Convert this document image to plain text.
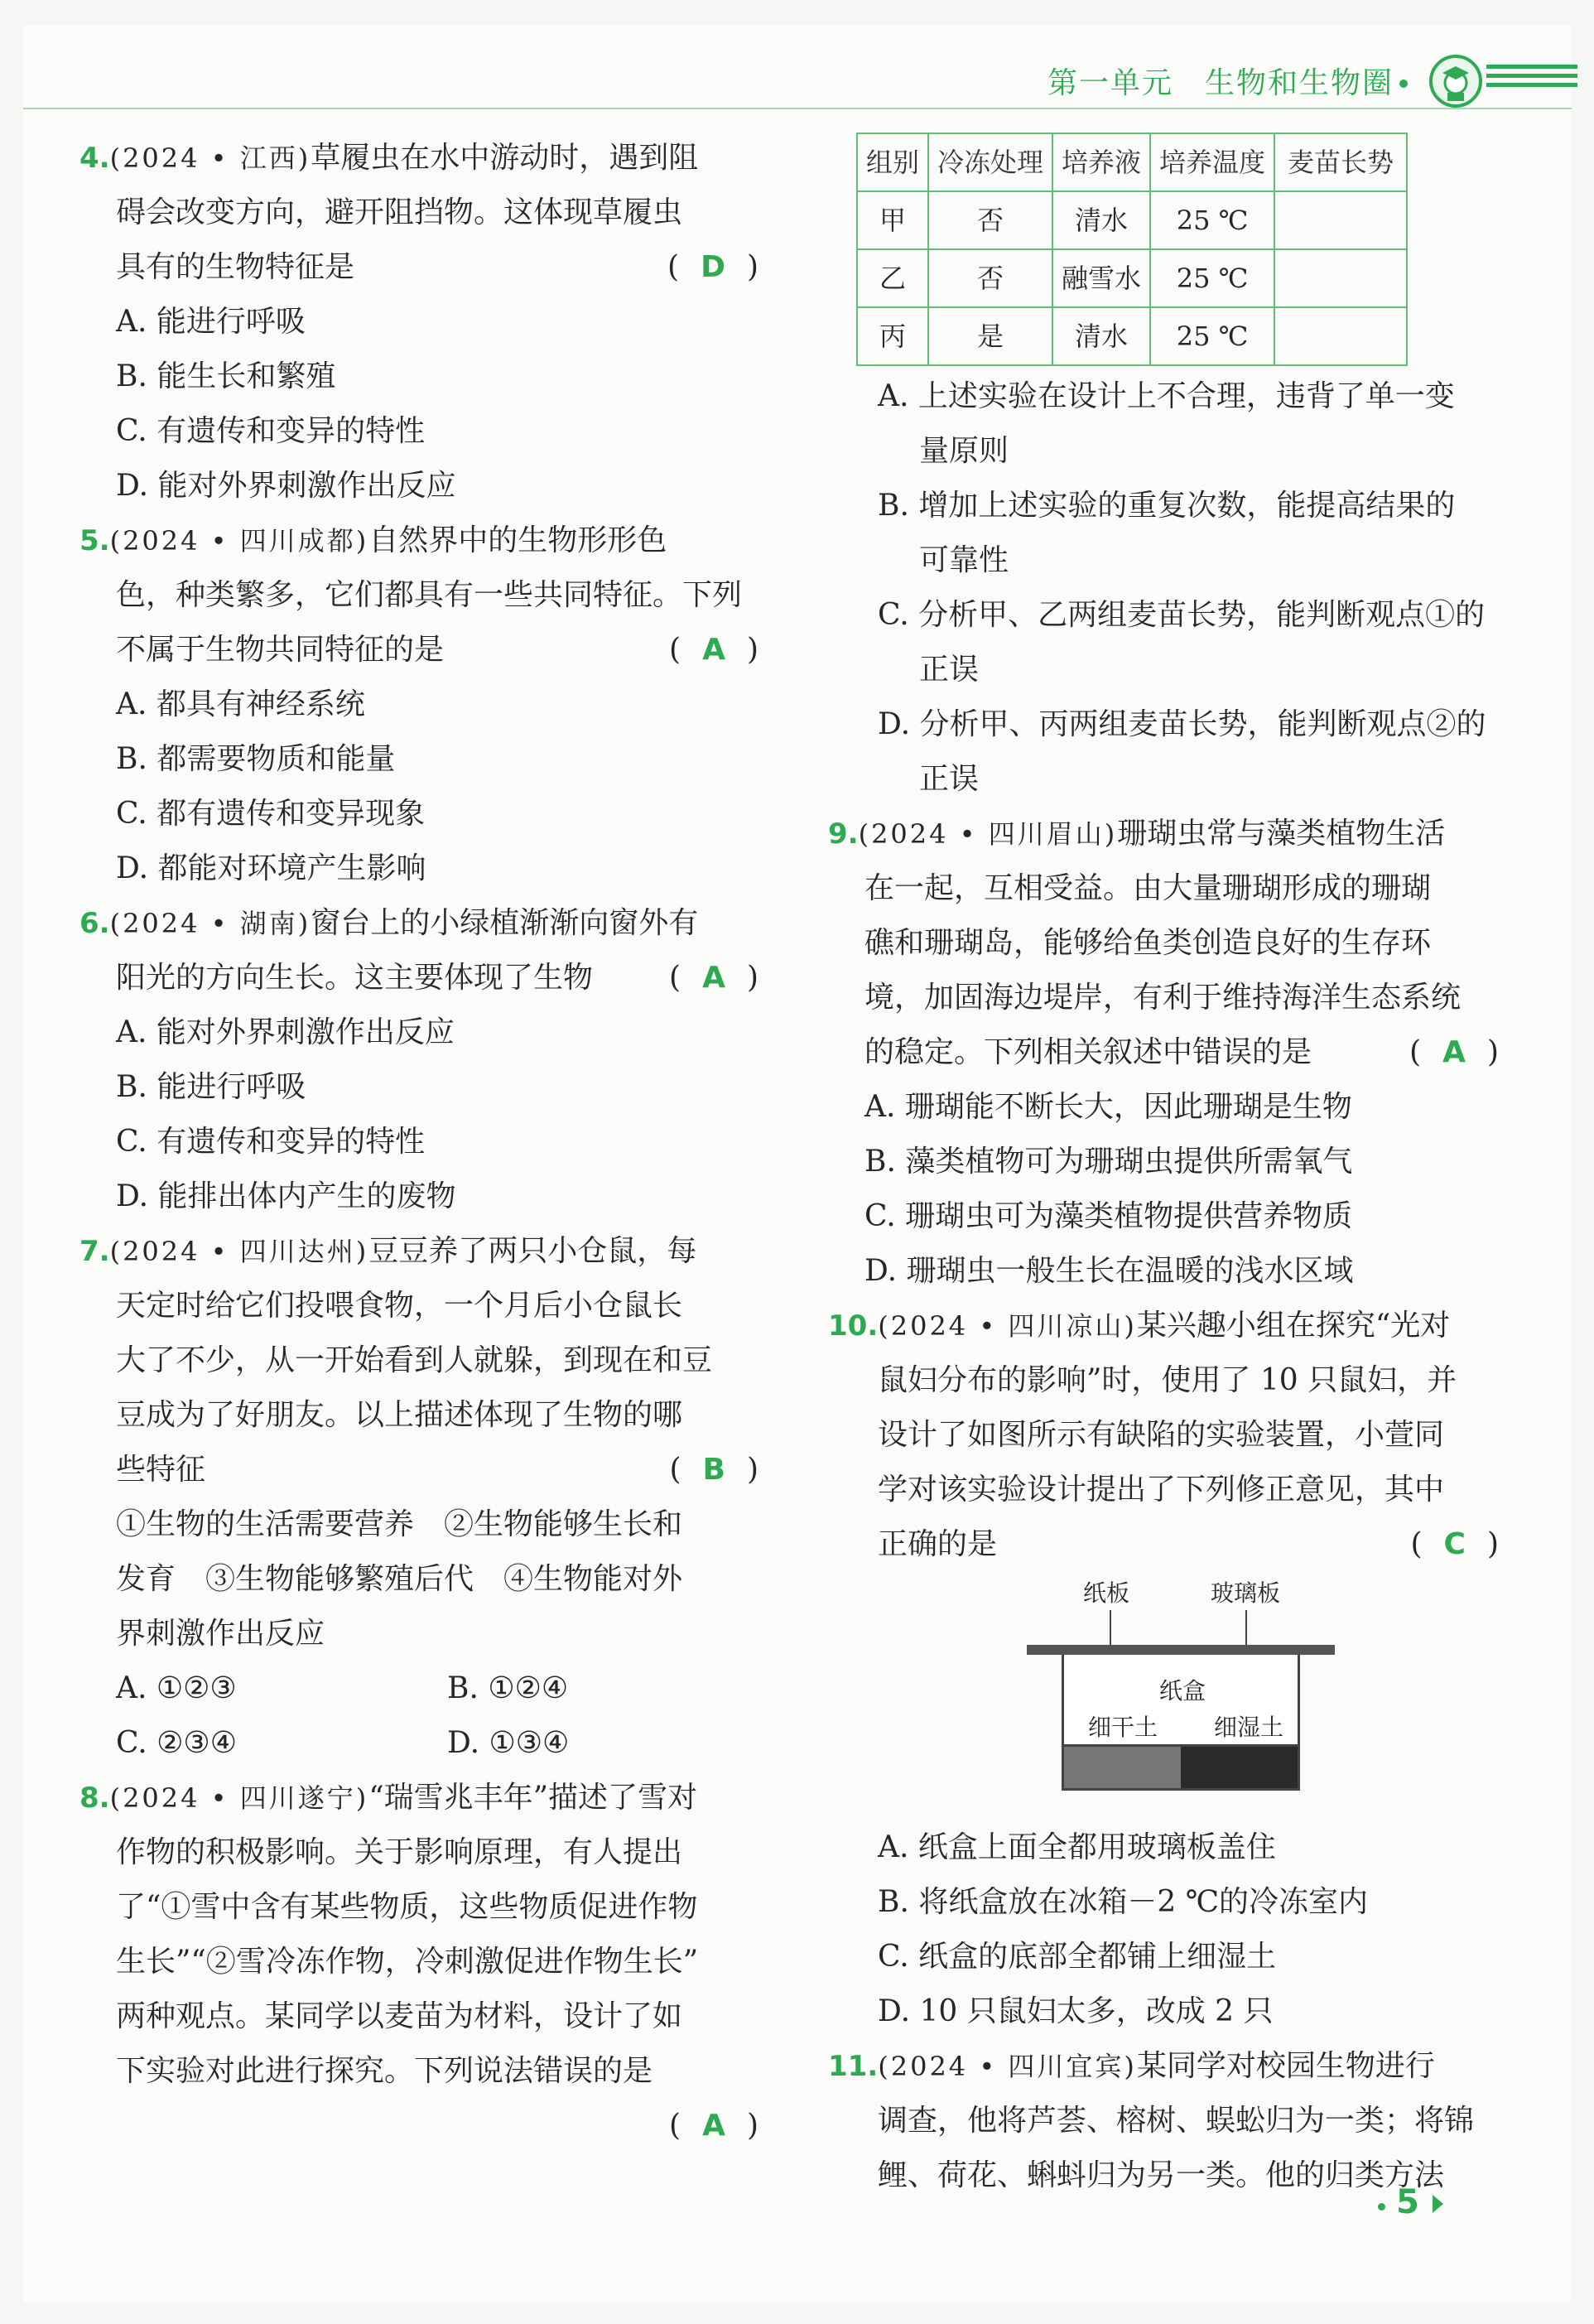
第一单元　生物和生物圈
4. (2024 • 江西) 草履虫在水中游动时，遇到阻
碍会改变方向，避开阻挡物。这体现草履虫
具有的生物特征是	( D )
A. 能进行呼吸
B. 能生长和繁殖
C. 有遗传和变异的特性
D. 能对外界刺激作出反应
5. (2024 • 四川成都) 自然界中的生物形形色
色，种类繁多，它们都具有一些共同特征。下列
不属于生物共同特征的是	( A )
A. 都具有神经系统
B. 都需要物质和能量
C. 都有遗传和变异现象
D. 都能对环境产生影响
6. (2024 • 湖南) 窗台上的小绿植渐渐向窗外有
阳光的方向生长。这主要体现了生物	( A )
A. 能对外界刺激作出反应
B. 能进行呼吸
C. 有遗传和变异的特性
D. 能排出体内产生的废物
7. (2024 • 四川达州) 豆豆养了两只小仓鼠，每
天定时给它们投喂食物，一个月后小仓鼠长
大了不少，从一开始看到人就躲，到现在和豆
豆成为了好朋友。以上描述体现了生物的哪
些特征	( B )
①生物的生活需要营养　②生物能够生长和
发育　③生物能够繁殖后代　④生物能对外
界刺激作出反应
A. ①②③	B. ①②④
C. ②③④	D. ①③④
8. (2024 • 四川遂宁) “瑞雪兆丰年”描述了雪对
作物的积极影响。关于影响原理，有人提出
了“①雪中含有某些物质，这些物质促进作物
生长”“②雪冷冻作物，冷刺激促进作物生长”
两种观点。某同学以麦苗为材料，设计了如
下实验对此进行探究。下列说法错误的是

( A )
组别	冷冻处理	培养液	培养温度	麦苗长势
甲	否	清水	25 ℃	
乙	否	融雪水	25 ℃	
丙	是	清水	25 ℃	
A. 上述实验在设计上不合理，违背了单一变
量原则
B. 增加上述实验的重复次数，能提高结果的
可靠性
C. 分析甲、乙两组麦苗长势，能判断观点①的
正误
D. 分析甲、丙两组麦苗长势，能判断观点②的
正误
9. (2024 • 四川眉山) 珊瑚虫常与藻类植物生活
在一起，互相受益。由大量珊瑚形成的珊瑚
礁和珊瑚岛，能够给鱼类创造良好的生存环
境，加固海边堤岸，有利于维持海洋生态系统
的稳定。下列相关叙述中错误的是	( A )
A. 珊瑚能不断长大，因此珊瑚是生物
B. 藻类植物可为珊瑚虫提供所需氧气
C. 珊瑚虫可为藻类植物提供营养物质
D. 珊瑚虫一般生长在温暖的浅水区域
10. (2024 • 四川凉山) 某兴趣小组在探究“光对
鼠妇分布的影响”时，使用了 10 只鼠妇，并
设计了如图所示有缺陷的实验装置，小萱同
学对该实验设计提出了下列修正意见，其中
正确的是	( C )
纸板	玻璃板
纸盒
细干土 细湿土
A. 纸盒上面全都用玻璃板盖住
B. 将纸盒放在冰箱－2 ℃的冷冻室内
C. 纸盒的底部全都铺上细湿土
D. 10 只鼠妇太多，改成 2 只
11. (2024 • 四川宜宾) 某同学对校园生物进行
调查，他将芦荟、榕树、蜈蚣归为一类；将锦
鲤、荷花、蝌蚪归为另一类。他的归类方法
5
